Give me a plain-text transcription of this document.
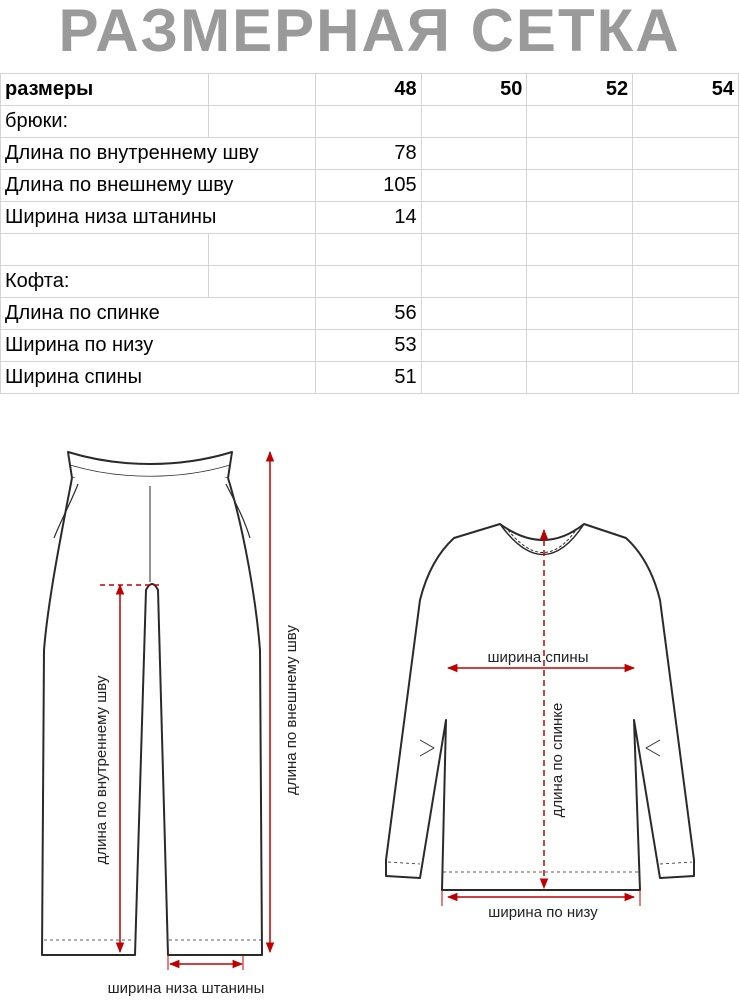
РАЗМЕРНАЯ СЕТКА
размеры		48	50	52	54
брюки:					
Длина по внутреннему шву		78			
Длина по внешнему шву		105			
Ширина низа штанины		14			

Кофта:					
Длина по спинке		56			
Ширина по низу		53			
Ширина спины		51			
длина по внутреннему шву	длина по внешнему шву
ширина низа штанины
ширина спины
длина по спинке
ширина по низу
